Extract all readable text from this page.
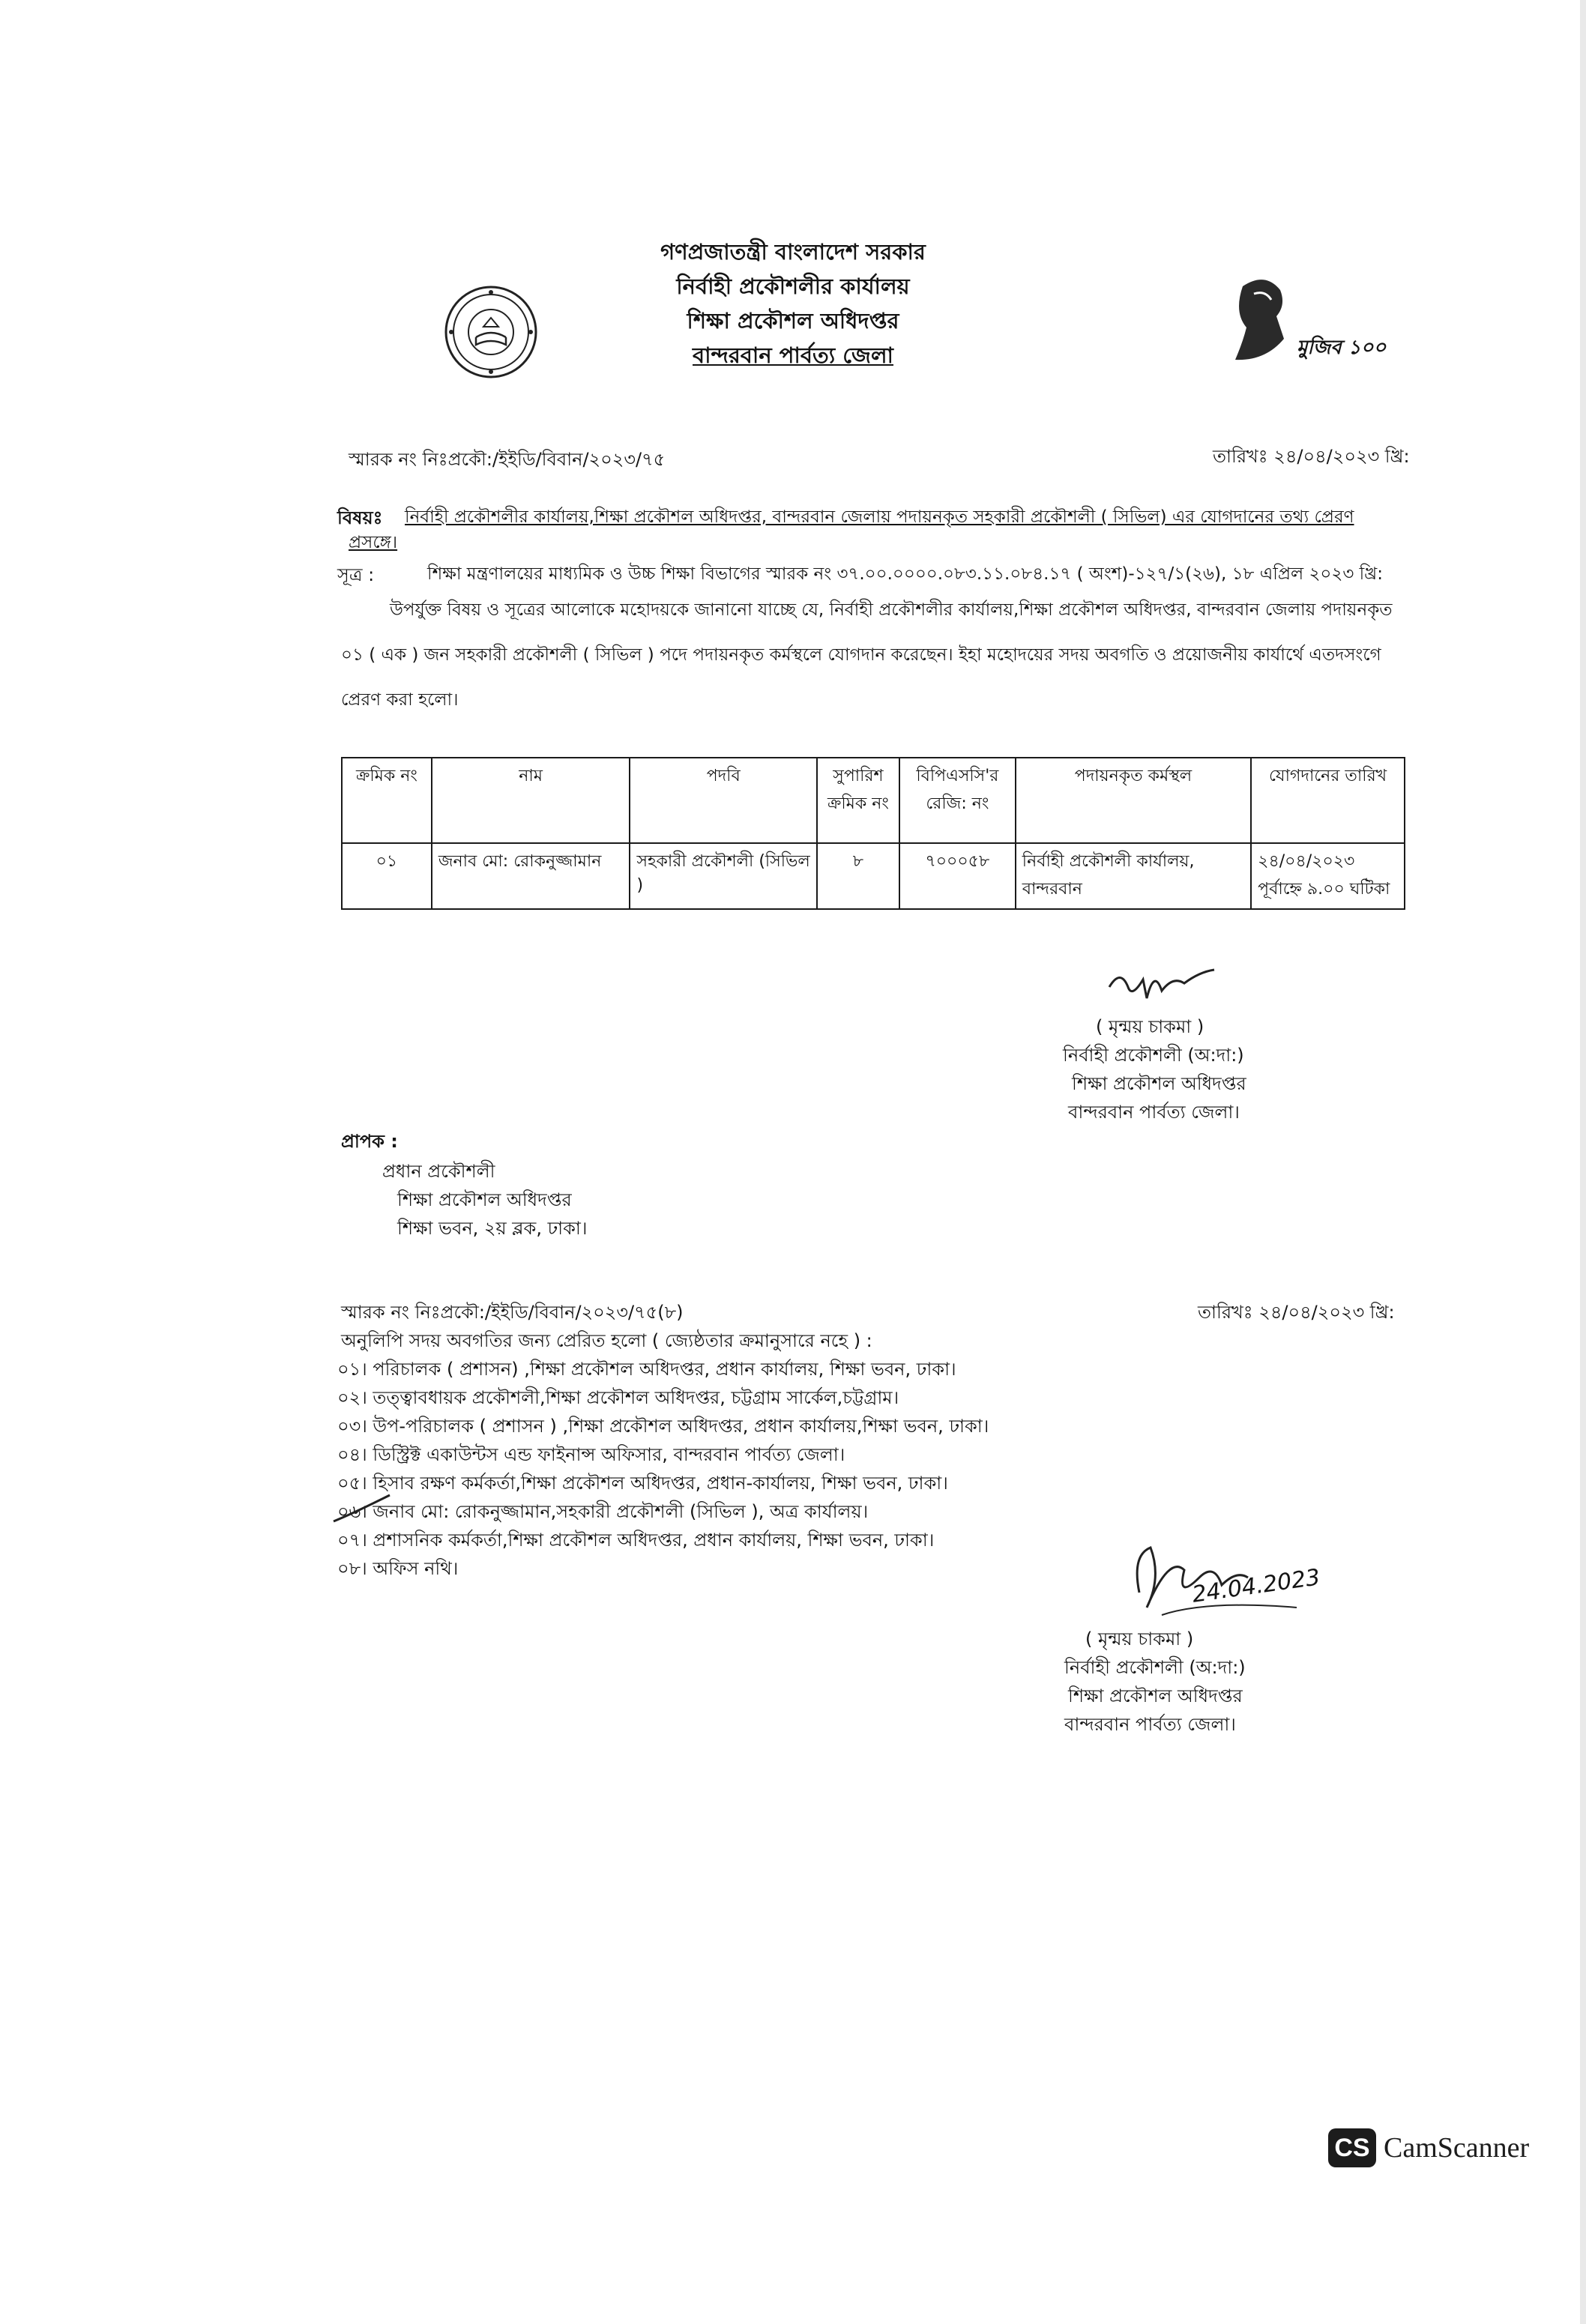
গণপ্রজাতন্ত্রী বাংলাদেশ সরকার
নির্বাহী প্রকৌশলীর কার্যালয়
শিক্ষা প্রকৌশল অধিদপ্তর
বান্দরবান পার্বত্য জেলা	মুজিব ১০০
স্মারক নং নিঃপ্রকৌ:/ইইডি/বিবান/২০২৩/৭৫	তারিখঃ ২৪/০৪/২০২৩ খ্রি:
বিষয়ঃ নির্বাহী প্রকৌশলীর কার্যালয়,শিক্ষা প্রকৌশল অধিদপ্তর, বান্দরবান জেলায় পদায়নকৃত সহকারী প্রকৌশলী ( সিভিল) এর যোগদানের তথ্য প্রেরণ
প্রসঙ্গে।
সূত্র :	শিক্ষা মন্ত্রণালয়ের মাধ্যমিক ও উচ্চ শিক্ষা বিভাগের স্মারক নং ৩৭.০০.০০০০.০৮৩.১১.০৮৪.১৭ ( অংশ)-১২৭/১(২৬), ১৮ এপ্রিল ২০২৩ খ্রি:
উপর্যুক্ত বিষয় ও সূত্রের আলোকে মহোদয়কে জানানো যাচ্ছে যে, নির্বাহী প্রকৌশলীর কার্যালয়,শিক্ষা প্রকৌশল অধিদপ্তর, বান্দরবান জেলায় পদায়নকৃত
০১ ( এক ) জন সহকারী প্রকৌশলী ( সিভিল ) পদে পদায়নকৃত কর্মস্থলে যোগদান করেছেন। ইহা মহোদয়ের সদয় অবগতি ও প্রয়োজনীয় কার্যার্থে এতদসংগে
প্রেরণ করা হলো।
ক্রমিক নং	নাম	পদবি	সুপারিশ ক্রমিক নং	বিপিএসসি'র রেজি: নং	পদায়নকৃত কর্মস্থল	যোগদানের তারিখ
০১	জনাব মো: রোকনুজ্জামান	সহকারী প্রকৌশলী (সিভিল )	৮	৭০০০৫৮	নির্বাহী প্রকৌশলী কার্যালয়, বান্দরবান	২৪/০৪/২০২৩ পূর্বাহ্নে ৯.০০ ঘটিকা
( মৃন্ময় চাকমা )
নির্বাহী প্রকৌশলী (অ:দা:)
শিক্ষা প্রকৌশল অধিদপ্তর
বান্দরবান পার্বত্য জেলা।
প্রাপক :
প্রধান প্রকৌশলী
শিক্ষা প্রকৌশল অধিদপ্তর
শিক্ষা ভবন, ২য় ব্লক, ঢাকা।
স্মারক নং নিঃপ্রকৌ:/ইইডি/বিবান/২০২৩/৭৫(৮)	তারিখঃ ২৪/০৪/২০২৩ খ্রি:
অনুলিপি সদয় অবগতির জন্য প্রেরিত হলো ( জ্যেষ্ঠতার ক্রমানুসারে নহে ) :
০১। পরিচালক ( প্রশাসন) ,শিক্ষা প্রকৌশল অধিদপ্তর, প্রধান কার্যালয়, শিক্ষা ভবন, ঢাকা।
০২। তত্ত্বাবধায়ক প্রকৌশলী,শিক্ষা প্রকৌশল অধিদপ্তর, চট্টগ্রাম সার্কেল,চট্টগ্রাম।
০৩। উপ-পরিচালক ( প্রশাসন ) ,শিক্ষা প্রকৌশল অধিদপ্তর, প্রধান কার্যালয়,শিক্ষা ভবন, ঢাকা।
০৪। ডিস্ট্রিক্ট একাউন্টস এন্ড ফাইনান্স অফিসার, বান্দরবান পার্বত্য জেলা।
০৫। হিসাব রক্ষণ কর্মকর্তা,শিক্ষা প্রকৌশল অধিদপ্তর, প্রধান-কার্যালয়, শিক্ষা ভবন, ঢাকা।
০৬। জনাব মো: রোকনুজ্জামান,সহকারী প্রকৌশলী (সিভিল ), অত্র কার্যালয়।
০৭। প্রশাসনিক কর্মকর্তা,শিক্ষা প্রকৌশল অধিদপ্তর, প্রধান কার্যালয়, শিক্ষা ভবন, ঢাকা।
০৮। অফিস নথি।	24.04.2023
( মৃন্ময় চাকমা )
নির্বাহী প্রকৌশলী (অ:দা:)
শিক্ষা প্রকৌশল অধিদপ্তর
বান্দরবান পার্বত্য জেলা।
CS CamScanner
